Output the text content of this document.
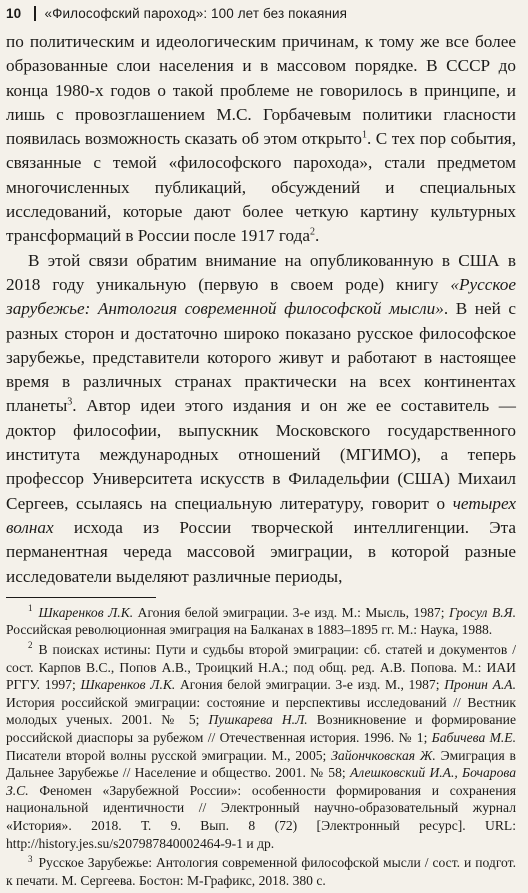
10	«Философский пароход»: 100 лет без покаяния

по политическим и идеологическим причинам, к тому же все более образованные слои населения и в массовом порядке. В СССР до конца 1980-х годов о такой проблеме не говорилось в принципе, и лишь с провозглашением М.С. Горбачевым политики гласности появилась возможность сказать об этом открыто$^1$. С тех пор события, связанные с темой «философского парохода», стали предметом многочисленных публикаций, обсуждений и специальных исследований, которые дают более четкую картину культурных трансформаций в России после 1917 года$^2$.

В этой связи обратим внимание на опубликованную в США в 2018 году уникальную (первую в своем роде) книгу «Русское зарубежье: Антология современной философской мысли». В ней с разных сторон и достаточно широко показано русское философское зарубежье, представители которого живут и работают в настоящее время в различных странах практически на всех континентах планеты$^3$. Автор идеи этого издания и он же ее составитель — доктор философии, выпускник Московского государственного института международных отношений (МГИМО), а теперь профессор Университета искусств в Филадельфии (США) Михаил Сергеев, ссылаясь на специальную литературу, говорит о четырех волнах исхода из России творческой интеллигенции. Эта перманентная череда массовой эмиграции, в которой разные исследователи выделяют различные периоды,

$^1$ Шкаренков Л.К. Агония белой эмиграции. 3-е изд. М.: Мысль, 1987; Гросул В.Я. Российская революционная эмиграция на Балканах в 1883–1895 гг. М.: Наука, 1988.

$^2$ В поисках истины: Пути и судьбы второй эмиграции: сб. статей и документов / сост. Карпов В.С., Попов А.В., Троицкий Н.А.; под общ. ред. А.В. Попова. М.: ИАИ РГГУ. 1997; Шкаренков Л.К. Агония белой эмиграции. 3-е изд. М., 1987; Пронин А.А. История российской эмиграции: состояние и перспективы исследований // Вестник молодых ученых. 2001. № 5; Пушкарева Н.Л. Возникновение и формирование российской диаспоры за рубежом // Отечественная история. 1996. № 1; Бабичева М.Е. Писатели второй волны русской эмиграции. М., 2005; Зайончковская Ж. Эмиграция в Дальнее Зарубежье // Население и общество. 2001. № 58; Алешковский И.А., Бочарова З.С. Феномен «Зарубежной России»: особенности формирования и сохранения национальной идентичности // Электронный научно-образовательный журнал «История». 2018. Т. 9. Вып. 8 (72) [Электронный ресурс]. URL: http://history.jes.su/s207987840002464-9-1 и др.

$^3$ Русское Зарубежье: Антология современной философской мысли / сост. и подгот. к печати. М. Сергеева. Бостон: М-Графикс, 2018. 380 с.
